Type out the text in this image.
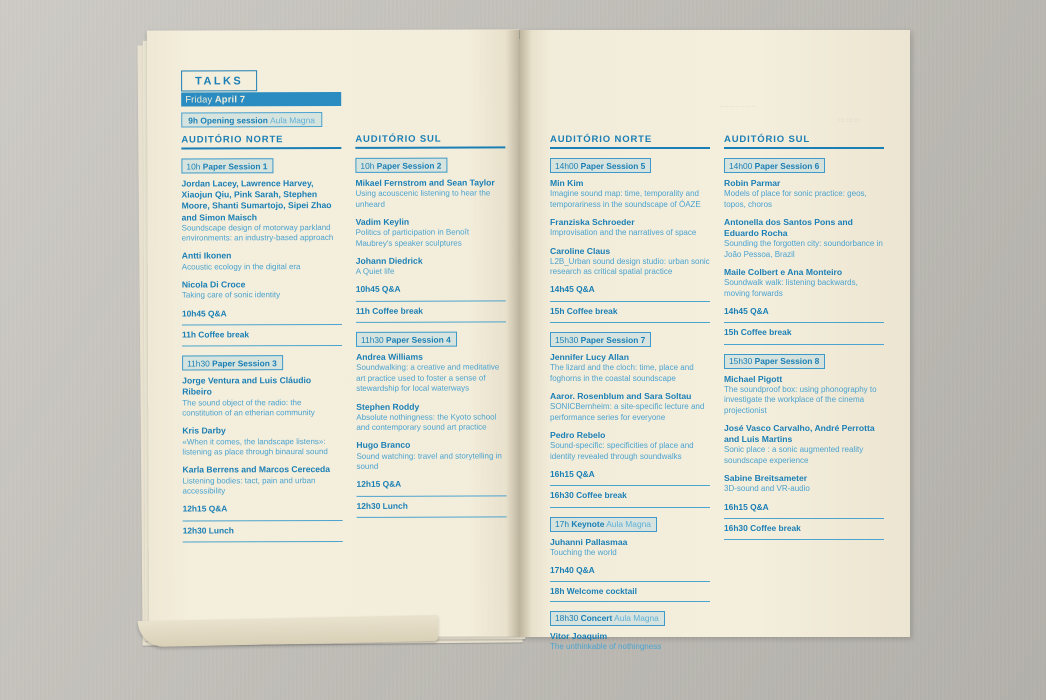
TALKS
Friday April 7
9h Opening session Aula Magna
AUDITÓRIO NORTE
10h Paper Session 1
Jordan Lacey, Lawrence Harvey, Xiaojun Qiu, Pink Sarah, Stephen Moore, Shanti Sumartojo, Sipei Zhao and Simon Maisch
Soundscape design of motorway parkland environments: an industry-based approach
Antti Ikonen
Acoustic ecology in the digital era
Nicola Di Croce
Taking care of sonic identity
10h45 Q&A
11h Coffee break
11h30 Paper Session 3
Jorge Ventura and Luis Cláudio Ribeiro
The sound object of the radio: the constitution of an etherian community
Kris Darby
«When it comes, the landscape listens»: listening as place through binaural sound
Karla Berrens and Marcos Cereceda
Listening bodies: tact, pain and urban accessibility
12h15 Q&A
12h30 Lunch
AUDITÓRIO SUL
10h Paper Session 2
Mikael Fernstrom and Sean Taylor
Using acouscenic listening to hear the unheard
Vadim Keylin
Politics of participation in Benoît Maubrey's speaker sculptures
Johann Diedrick
A Quiet life
10h45 Q&A
11h Coffee break
11h30 Paper Session 4
Andrea Williams
Soundwalking: a creative and meditative art practice used to foster a sense of stewardship for local waterways
Stephen Roddy
Absolute nothingness: the Kyoto school and contemporary sound art practice
Hugo Branco
Sound watching: travel and storytelling in sound
12h15 Q&A
12h30 Lunch
_______
▭▭▭
AUDITÓRIO NORTE
14h00 Paper Session 5
Min Kim
Imagine sound map: time, temporality and temporariness in the soundscape of ÓAZE
Franziska Schroeder
Improvisation and the narratives of space
Caroline Claus
L2B_Urban sound design studio: urban sonic research as critical spatial practice
14h45 Q&A
15h Coffee break
15h30 Paper Session 7
Jennifer Lucy Allan
The lizard and the cloch: time, place and foghorns in the coastal soundscape
Aaror. Rosenblum and Sara Soltau
SONICBernheim: a site-specific lecture and performance series for everyone
Pedro Rebelo
Sound-specific: specificities of place and identity revealed through soundwalks
16h15 Q&A
16h30 Coffee break
17h Keynote Aula Magna
Juhanni Pallasmaa
Touching the world
17h40 Q&A
18h Welcome cocktail
18h30 Concert Aula Magna
Vitor Joaquim
The unthinkable of nothingness
AUDITÓRIO SUL
14h00 Paper Session 6
Robin Parmar
Models of place for sonic practice: geos, topos, choros
Antonella dos Santos Pons and Eduardo Rocha
Sounding the forgotten city: soundorbance in João Pessoa, Brazil
Maile Colbert e Ana Monteiro
Soundwalk walk: listening backwards, moving forwards
14h45 Q&A
15h Coffee break
15h30 Paper Session 8
Michael Pigott
The soundproof box: using phonography to investigate the workplace of the cinema projectionist
José Vasco Carvalho, André Perrotta and Luis Martins
Sonic place : a sonic augmented reality soundscape experience
Sabine Breitsameter
3D-sound and VR-audio
16h15 Q&A
16h30 Coffee break
